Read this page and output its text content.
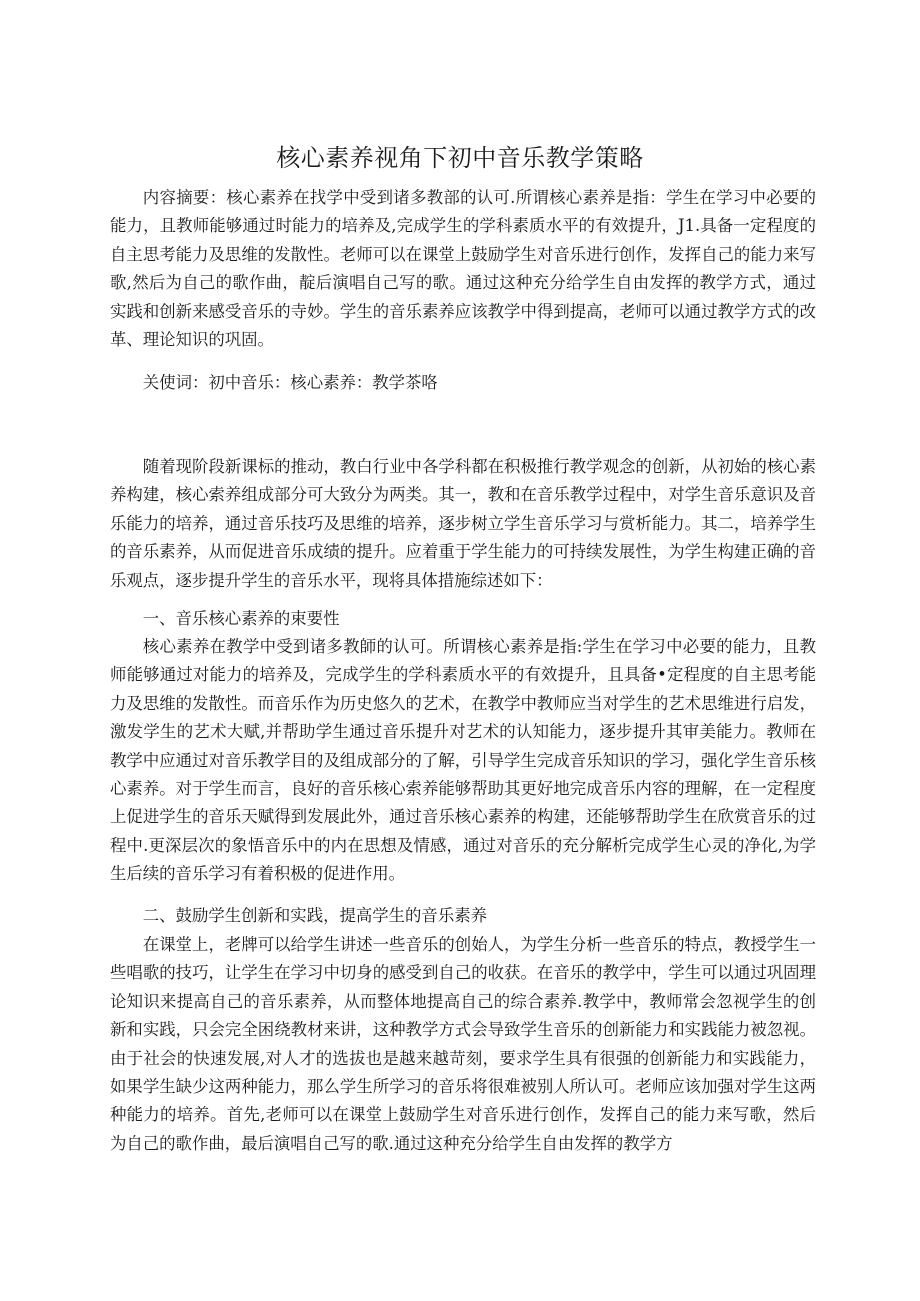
核心素养视角下初中音乐教学策略

内容摘要：核心素养在找学中受到诸多教部的认可.所谓核心素养是指：学生在学习中必要的能力，且教师能够通过时能力的培养及,完成学生的学科素质水平的有效提升，J1.具备一定程度的自主思考能力及思维的发散性。老师可以在课堂上鼓励学生对音乐进行创作，发挥自己的能力来写歌,然后为自己的歌作曲，靛后演唱自己写的歌。通过这种充分给学生自由发挥的教学方式，通过实践和创新来感受音乐的寺妙。学生的音乐素养应该教学中得到提高，老师可以通过教学方式的改革、理论知识的巩固。

关使词：初中音乐：核心素养：教学茶咯

随着现阶段新课标的推动，教白行业中各学科都在积极推行教学观念的创新，从初始的核心素养构建，核心索养组成部分可大致分为两类。其一，教和在音乐教学过程中，对学生音乐意识及音乐能力的培养，通过音乐技巧及思维的培养，逐步树立学生音乐学习与赏析能力。其二，培养学生的音乐素养，从而促进音乐成绩的提升。应着重于学生能力的可持续发展性，为学生构建正确的音乐观点，逐步提升学生的音乐水平，现将具体措施综述如下：

一、音乐核心素养的束要性

核心素养在教学中受到诸多教師的认可。所谓核心素养是指:学生在学习中必要的能力，且教师能够通过对能力的培养及，完成学生的学科素质水平的有效提升，且具备•定程度的自主思考能力及思维的发散性。而音乐作为历史悠久的艺术，在教学中教师应当对学生的艺术思维进行启发，激发学生的艺术大赋,并帮助学生通过音乐提升对艺术的认知能力，逐步提升其审美能力。教师在教学中应通过对音乐教学目的及组成部分的了解，引导学生完成音乐知识的学习，强化学生音乐核心素养。对于学生而言，良好的音乐核心索养能够帮助其更好地完成音乐内容的理解，在一定程度上促进学生的音乐天赋得到发展此外，通过音乐核心素养的构建，还能够帮助学生在欣赏音乐的过程中.更深层次的象悟音乐中的内在思想及情感，通过对音乐的充分解析完成学生心灵的净化,为学生后续的音乐学习有着积极的促进作用。

二、鼓励学生创新和实践，提高学生的音乐素养

在课堂上，老牌可以给学生讲述一些音乐的创始人，为学生分析一些音乐的特点，教授学生一些唱歌的技巧，让学生在学习中切身的感受到自己的收获。在音乐的教学中，学生可以通过巩固理论知识来提高自己的音乐素养，从而整体地提高自己的综合素养.教学中，教师常会忽视学生的创新和实践，只会完全困绕教材来讲，这种教学方式会导致学生音乐的创新能力和实践能力被忽视。由于社会的快速发展,对人才的选拔也是越来越苛刻，要求学生具有很强的创新能力和实践能力，如果学生缺少这两种能力，那么学生所学习的音乐将很难被别人所认可。老师应该加强对学生这两种能力的培养。首先,老师可以在课堂上鼓励学生对音乐进行创作，发挥自己的能力来写歌，然后为自己的歌作曲，最后演唱自己写的歌.通过这种充分给学生自由发挥的教学方
